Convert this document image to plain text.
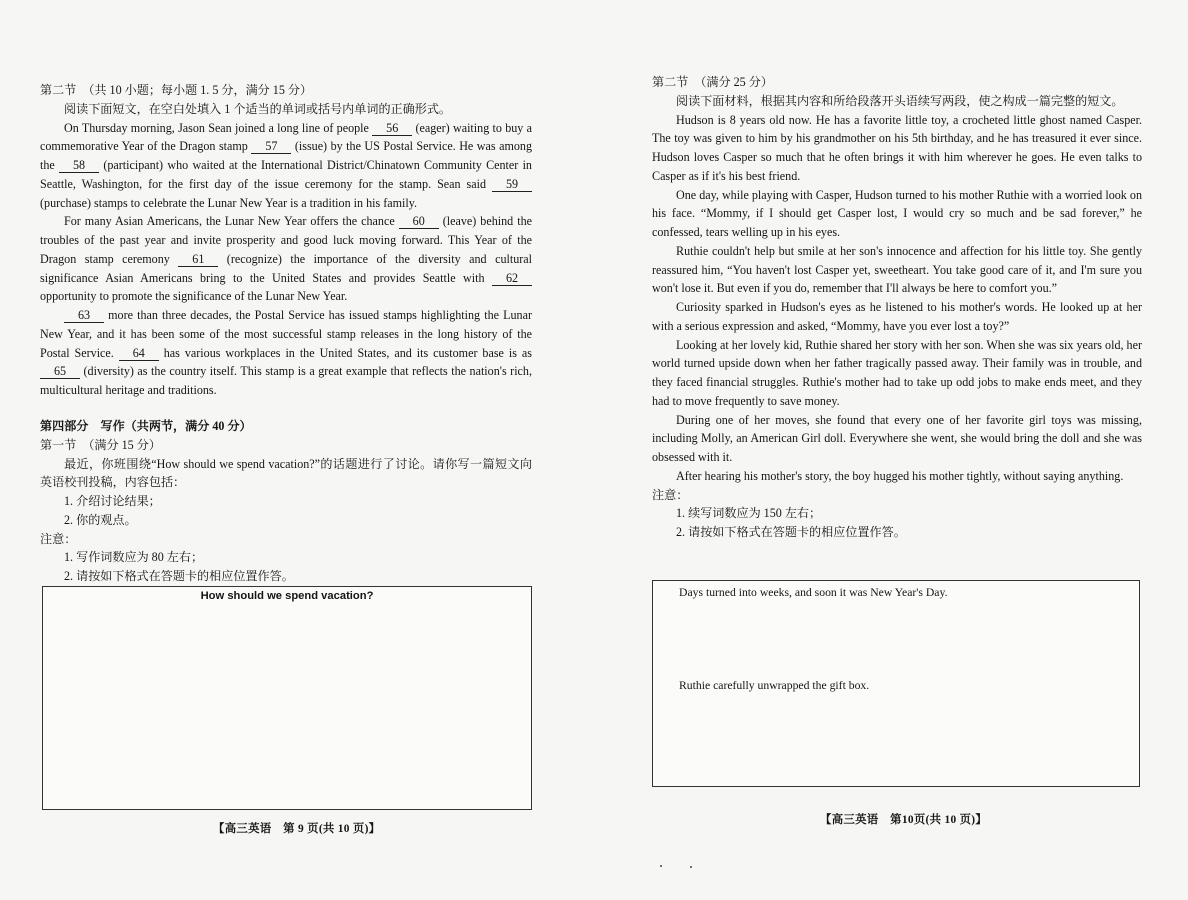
第二节　（共 10 小题；每小题 1. 5 分，满分 15 分）

阅读下面短文，在空白处填入 1 个适当的单词或括号内单词的正确形式。

On Thursday morning, Jason Sean joined a long line of people 56 (eager) waiting to buy a commemorative Year of the Dragon stamp 57 (issue) by the US Postal Service. He was among the 58 (participant) who waited at the International District/Chinatown Community Center in Seattle, Washington, for the first day of the issue ceremony for the stamp. Sean said 59 (purchase) stamps to celebrate the Lunar New Year is a tradition in his family.

For many Asian Americans, the Lunar New Year offers the chance 60 (leave) behind the troubles of the past year and invite prosperity and good luck moving forward. This Year of the Dragon stamp ceremony 61 (recognize) the importance of the diversity and cultural significance Asian Americans bring to the United States and provides Seattle with 62 opportunity to promote the significance of the Lunar New Year.

63 more than three decades, the Postal Service has issued stamps highlighting the Lunar New Year, and it has been some of the most successful stamp releases in the long history of the Postal Service. 64 has various workplaces in the United States, and its customer base is as 65 (diversity) as the country itself. This stamp is a great example that reflects the nation's rich, multicultural heritage and traditions.

第四部分　写作（共两节，满分 40 分）

第一节　（满分 15 分）

最近，你班围绕“How should we spend vacation?”的话题进行了讨论。请你写一篇短文向英语校刊投稿，内容包括：

1. 介绍讨论结果；

2. 你的观点。

注意：

1. 写作词数应为 80 左右；

2. 请按如下格式在答题卡的相应位置作答。

How should we spend vacation?
【高三英语　第 9 页(共 10 页)】

第二节　（满分 25 分）

阅读下面材料，根据其内容和所给段落开头语续写两段，使之构成一篇完整的短文。

Hudson is 8 years old now. He has a favorite little toy, a crocheted little ghost named Casper. The toy was given to him by his grandmother on his 5th birthday, and he has treasured it ever since. Hudson loves Casper so much that he often brings it with him wherever he goes. He even talks to Casper as if it's his best friend.

One day, while playing with Casper, Hudson turned to his mother Ruthie with a worried look on his face. “Mommy, if I should get Casper lost, I would cry so much and be sad forever,” he confessed, tears welling up in his eyes.

Ruthie couldn't help but smile at her son's innocence and affection for his little toy. She gently reassured him, “You haven't lost Casper yet, sweetheart. You take good care of it, and I'm sure you won't lose it. But even if you do, remember that I'll always be here to comfort you.”

Curiosity sparked in Hudson's eyes as he listened to his mother's words. He looked up at her with a serious expression and asked, “Mommy, have you ever lost a toy?”

Looking at her lovely kid, Ruthie shared her story with her son. When she was six years old, her world turned upside down when her father tragically passed away. Their family was in trouble, and they faced financial struggles. Ruthie's mother had to take up odd jobs to make ends meet, and they had to move frequently to save money.

During one of her moves, she found that every one of her favorite girl toys was missing, including Molly, an American Girl doll. Everywhere she went, she would bring the doll and she was obsessed with it.

After hearing his mother's story, the boy hugged his mother tightly, without saying anything.

注意：

1. 续写词数应为 150 左右；

2. 请按如下格式在答题卡的相应位置作答。

Days turned into weeks, and soon it was New Year's Day.
Ruthie carefully unwrapped the gift box.
【高三英语　第10页(共 10 页)】
